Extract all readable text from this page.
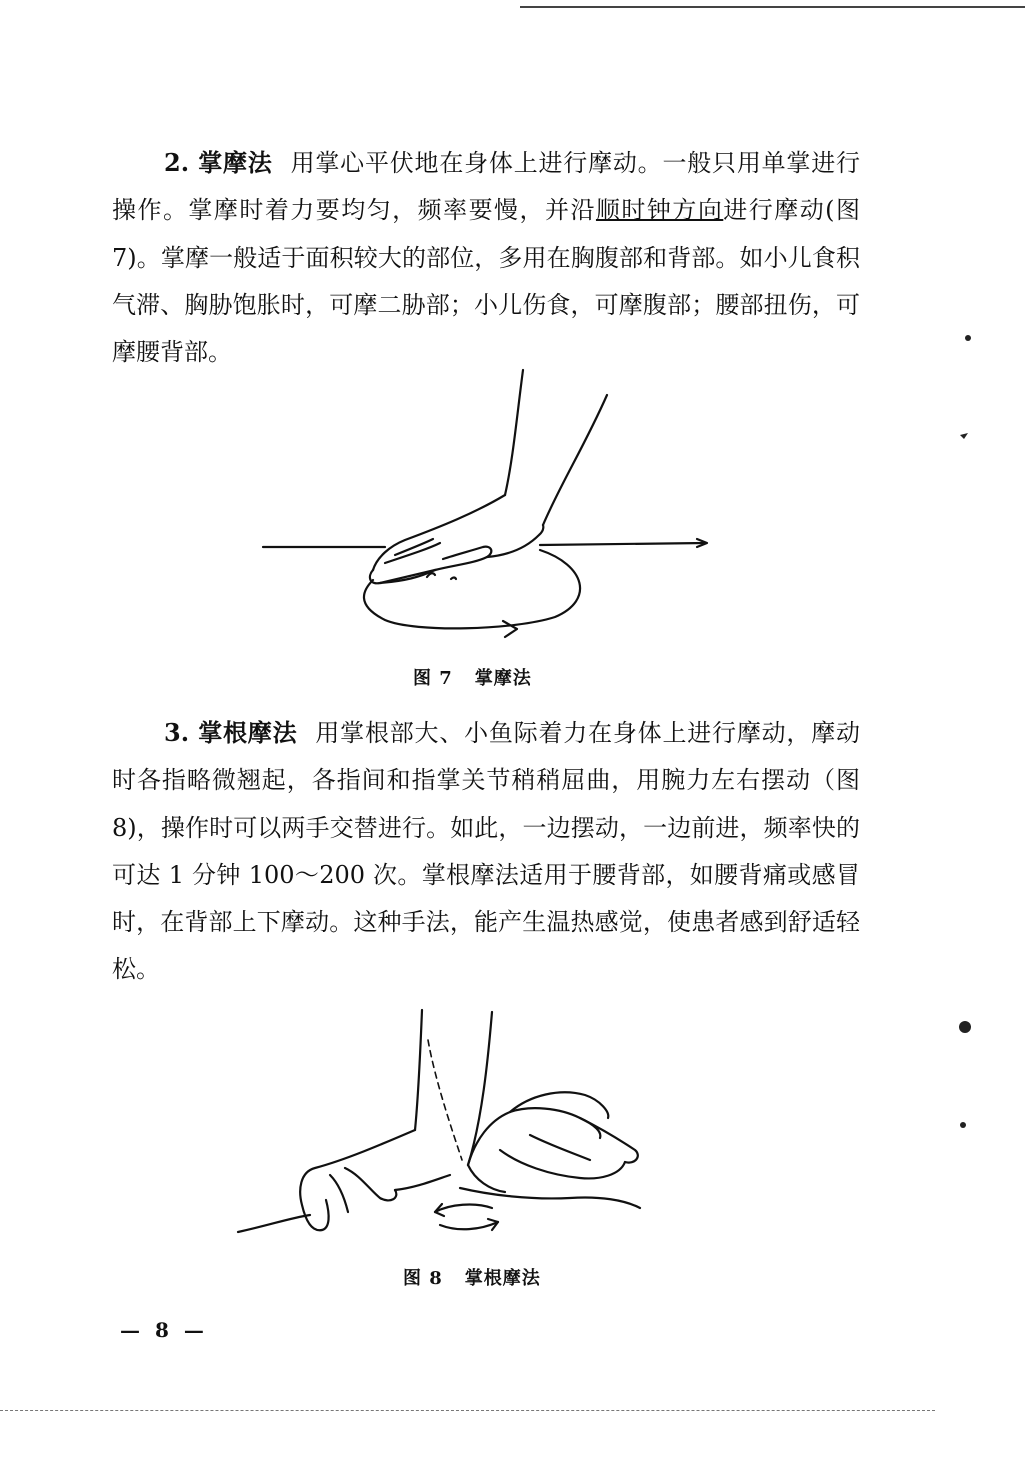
2. 掌摩法 用掌心平伏地在身体上进行摩动。一般只用单掌进行操作。掌摩时着力要均匀，频率要慢，并沿顺时钟方向进行摩动(图 7)。掌摩一般适于面积较大的部位，多用在胸腹部和背部。如小儿食积气滞、胸胁饱胀时，可摩二胁部；小儿伤食，可摩腹部；腰部扭伤，可摩腰背部。

图 7 掌摩法

3. 掌根摩法 用掌根部大、小鱼际着力在身体上进行摩动，摩动时各指略微翘起，各指间和指掌关节稍稍屈曲，用腕力左右摆动（图 8)，操作时可以两手交替进行。如此，一边摆动，一边前进，频率快的可达 1 分钟 100～200 次。掌根摩法适用于腰背部，如腰背痛或感冒时，在背部上下摩动。这种手法，能产生温热感觉，使患者感到舒适轻松。

图 8 掌根摩法

— 8 —
